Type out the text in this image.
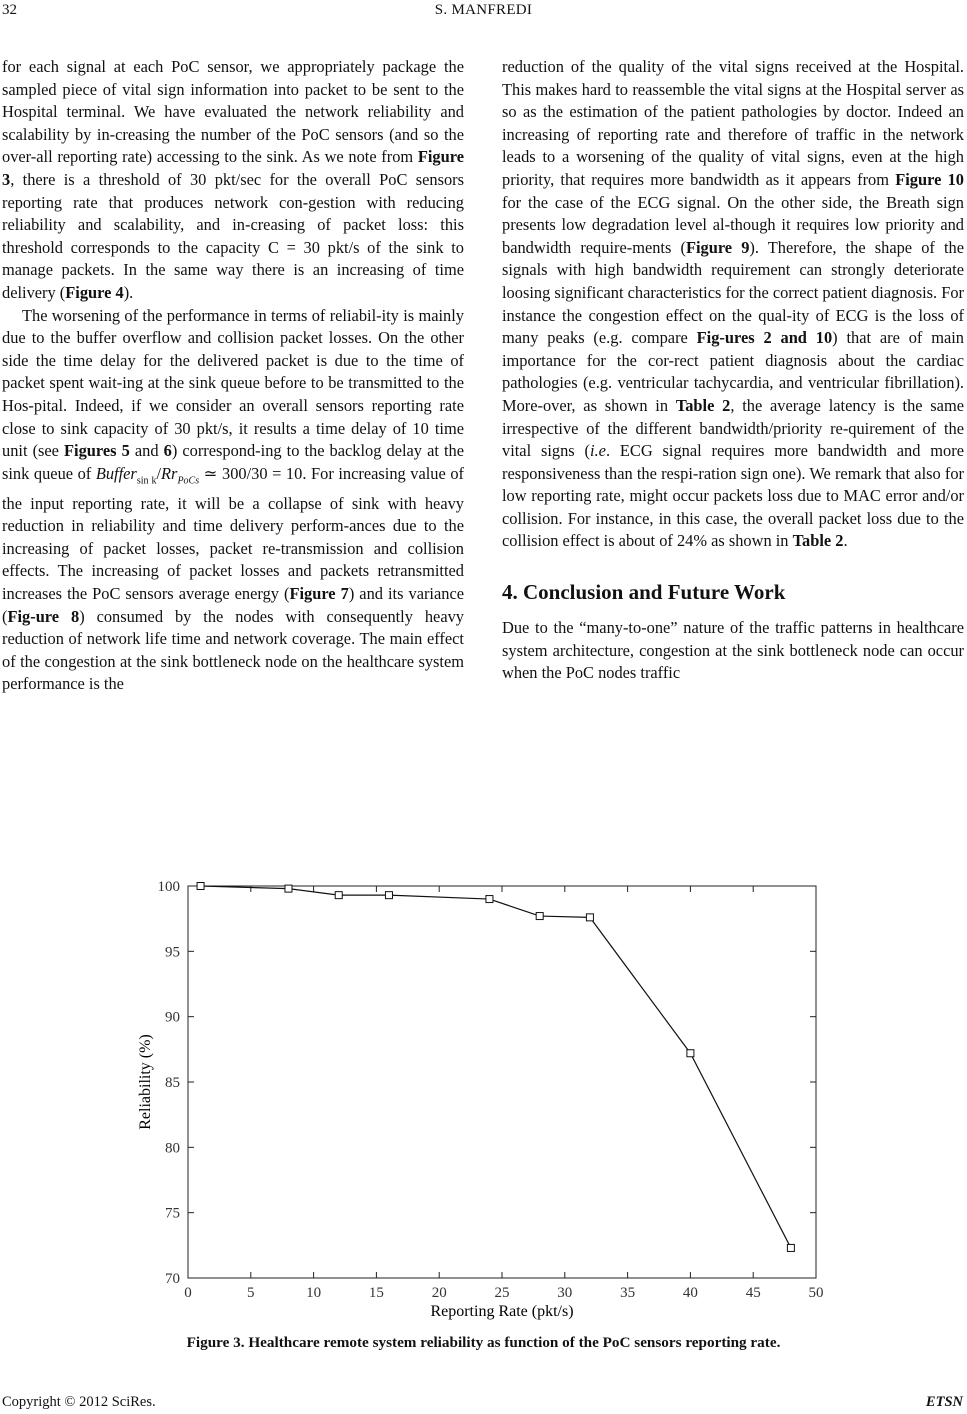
32	S. MANFREDI

for each signal at each PoC sensor, we appropriately package the sampled piece of vital sign information into packet to be sent to the Hospital terminal. We have evaluated the network reliability and scalability by in-creasing the number of the PoC sensors (and so the over-all reporting rate) accessing to the sink. As we note from Figure 3, there is a threshold of 30 pkt/sec for the overall PoC sensors reporting rate that produces network con-gestion with reducing reliability and scalability, and in-creasing of packet loss: this threshold corresponds to the capacity C = 30 pkt/s of the sink to manage packets. In the same way there is an increasing of time delivery (Figure 4).

The worsening of the performance in terms of reliabil-ity is mainly due to the buffer overflow and collision packet losses. On the other side the time delay for the delivered packet is due to the time of packet spent wait-ing at the sink queue before to be transmitted to the Hos-pital. Indeed, if we consider an overall sensors reporting rate close to sink capacity of 30 pkt/s, it results a time delay of 10 time unit (see Figures 5 and 6) correspond-ing to the backlog delay at the sink queue of $Buffer_{sin k}/Rr_{PoCs}$ ≃ 300/30 = 10. For increasing value of the input reporting rate, it will be a collapse of sink with heavy reduction in reliability and time delivery perform-ances due to the increasing of packet losses, packet re-transmission and collision effects. The increasing of packet losses and packets retransmitted increases the PoC sensors average energy (Figure 7) and its variance (Fig-ure 8) consumed by the nodes with consequently heavy reduction of network life time and network coverage. The main effect of the congestion at the sink bottleneck node on the healthcare system performance is the

reduction of the quality of the vital signs received at the Hospital. This makes hard to reassemble the vital signs at the Hospital server as so as the estimation of the patient pathologies by doctor. Indeed an increasing of reporting rate and therefore of traffic in the network leads to a worsening of the quality of vital signs, even at the high priority, that requires more bandwidth as it appears from Figure 10 for the case of the ECG signal. On the other side, the Breath sign presents low degradation level al-though it requires low priority and bandwidth require-ments (Figure 9). Therefore, the shape of the signals with high bandwidth requirement can strongly deteriorate loosing significant characteristics for the correct patient diagnosis. For instance the congestion effect on the qual-ity of ECG is the loss of many peaks (e.g. compare Fig-ures 2 and 10) that are of main importance for the cor-rect patient diagnosis about the cardiac pathologies (e.g. ventricular tachycardia, and ventricular fibrillation). More-over, as shown in Table 2, the average latency is the same irrespective of the different bandwidth/priority re-quirement of the vital signs (i.e. ECG signal requires more bandwidth and more responsiveness than the respi-ration sign one). We remark that also for low reporting rate, might occur packets loss due to MAC error and/or collision. For instance, in this case, the overall packet loss due to the collision effect is about of 24% as shown in Table 2.

4. Conclusion and Future Work

Due to the “many-to-one” nature of the traffic patterns in healthcare system architecture, congestion at the sink bottleneck node can occur when the PoC nodes traffic

0	5	10	15	20	25	30	35	40	45	50
70
75
80
85
90
95
100
Reporting Rate (pkt/s)
Reliability (%)
Figure 3. Healthcare remote system reliability as function of the PoC sensors reporting rate.
Copyright © 2012 SciRes.	ETSN
